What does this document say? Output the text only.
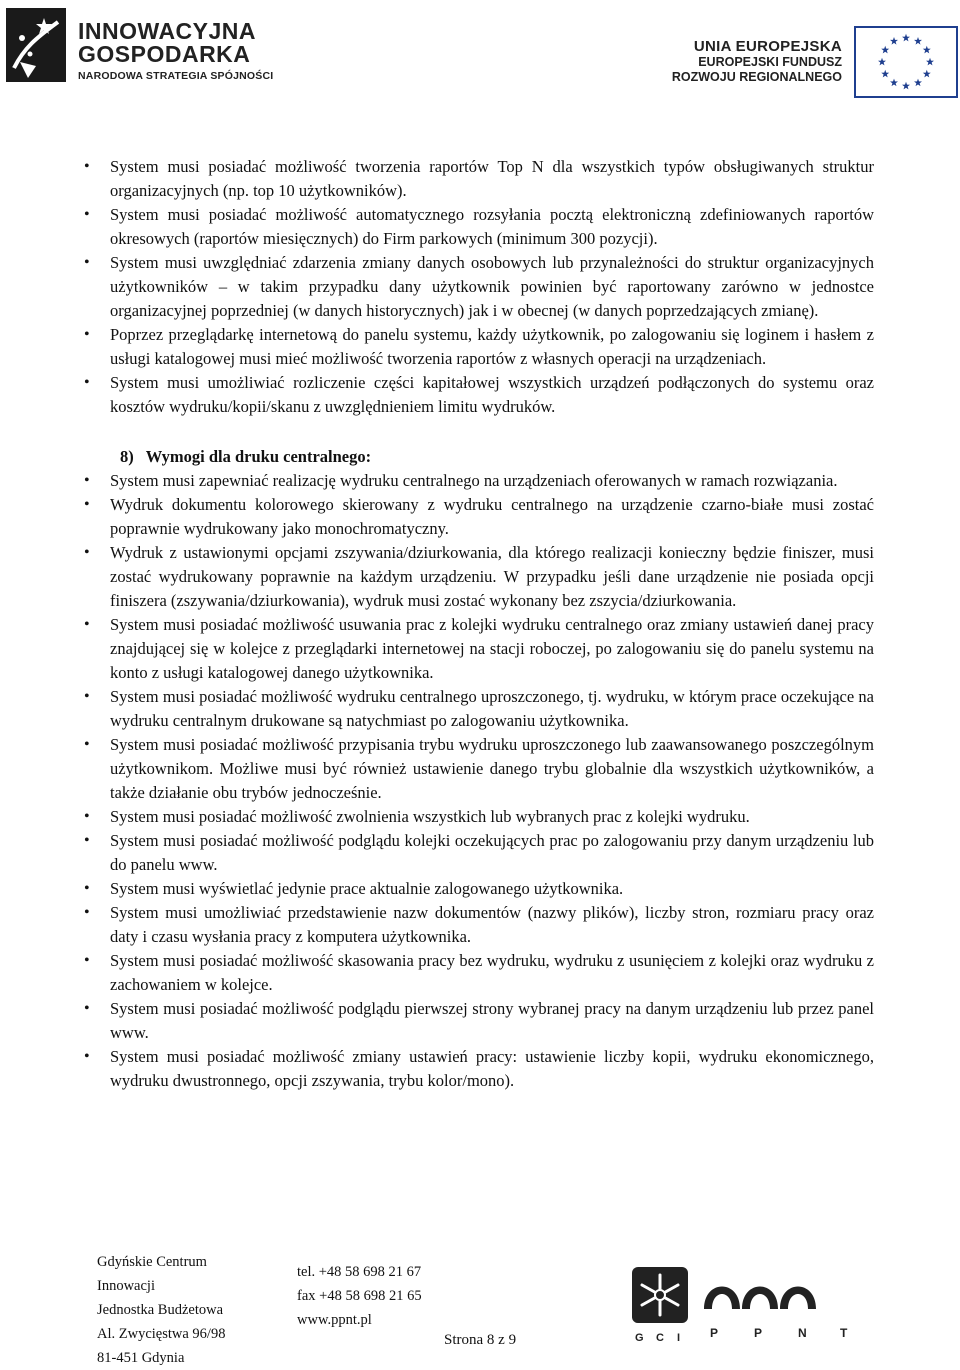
INNOWACYJNA
GOSPODARKA
NARODOWA STRATEGIA SPÓJNOŚCI
UNIA EUROPEJSKA
EUROPEJSKI FUNDUSZ
ROZWOJU REGIONALNEGO
• System musi posiadać możliwość tworzenia raportów Top N dla wszystkich typów obsługiwanych struktur organizacyjnych (np. top 10 użytkowników).
• System musi posiadać możliwość automatycznego rozsyłania pocztą elektroniczną zdefiniowanych raportów okresowych (raportów miesięcznych) do Firm parkowych (minimum 300 pozycji).
• System musi uwzględniać zdarzenia zmiany danych osobowych lub przynależności do struktur organizacyjnych użytkowników – w takim przypadku dany użytkownik powinien być raportowany zarówno w jednostce organizacyjnej poprzedniej (w danych historycznych) jak i w obecnej (w danych poprzedzających zmianę).
• Poprzez przeglądarkę internetową do panelu systemu, każdy użytkownik, po zalogowaniu się loginem i hasłem z usługi katalogowej musi mieć możliwość tworzenia raportów z własnych operacji na urządzeniach.
• System musi umożliwiać rozliczenie części kapitałowej wszystkich urządzeń podłączonych do systemu oraz kosztów wydruku/kopii/skanu z uwzględnieniem limitu wydruków.
8) Wymogi dla druku centralnego:
• System musi zapewniać realizację wydruku centralnego na urządzeniach oferowanych w ramach rozwiązania.
• Wydruk dokumentu kolorowego skierowany z wydruku centralnego na urządzenie czarno-białe musi zostać poprawnie wydrukowany jako monochromatyczny.
• Wydruk z ustawionymi opcjami zszywania/dziurkowania, dla którego realizacji konieczny będzie finiszer, musi zostać wydrukowany poprawnie na każdym urządzeniu. W przypadku jeśli dane urządzenie nie posiada opcji finiszera (zszywania/dziurkowania), wydruk musi zostać wykonany bez zszycia/dziurkowania.
• System musi posiadać możliwość usuwania prac z kolejki wydruku centralnego oraz zmiany ustawień danej pracy znajdującej się w kolejce z przeglądarki internetowej na stacji roboczej, po zalogowaniu się do panelu systemu na konto z usługi katalogowej danego użytkownika.
• System musi posiadać możliwość wydruku centralnego uproszczonego, tj. wydruku, w którym prace oczekujące na wydruku centralnym drukowane są natychmiast po zalogowaniu użytkownika.
• System musi posiadać możliwość przypisania trybu wydruku uproszczonego lub zaawansowanego poszczególnym użytkownikom. Możliwe musi być również ustawienie danego trybu globalnie dla wszystkich użytkowników, a także działanie obu trybów jednocześnie.
• System musi posiadać możliwość zwolnienia wszystkich lub wybranych prac z kolejki wydruku.
• System musi posiadać możliwość podglądu kolejki oczekujących prac po zalogowaniu przy danym urządzeniu lub do panelu www.
• System musi wyświetlać jedynie prace aktualnie zalogowanego użytkownika.
• System musi umożliwiać przedstawienie nazw dokumentów (nazwy plików), liczby stron, rozmiaru pracy oraz daty i czasu wysłania pracy z komputera użytkownika.
• System musi posiadać możliwość skasowania pracy bez wydruku, wydruku z usunięciem z kolejki oraz wydruku z zachowaniem w kolejce.
• System musi posiadać możliwość podglądu pierwszej strony wybranej pracy na danym urządzeniu lub przez panel www.
• System musi posiadać możliwość zmiany ustawień pracy: ustawienie liczby kopii, wydruku ekonomicznego, wydruku dwustronnego, opcji zszywania, trybu kolor/mono).
Gdyńskie Centrum
Innowacji
Jednostka Budżetowa
Al. Zwycięstwa 96/98
81-451 Gdynia
tel. +48 58 698 21 67
fax +48 58 698 21 65
www.ppnt.pl
G C I P	P	N	T
Strona 8 z 9
